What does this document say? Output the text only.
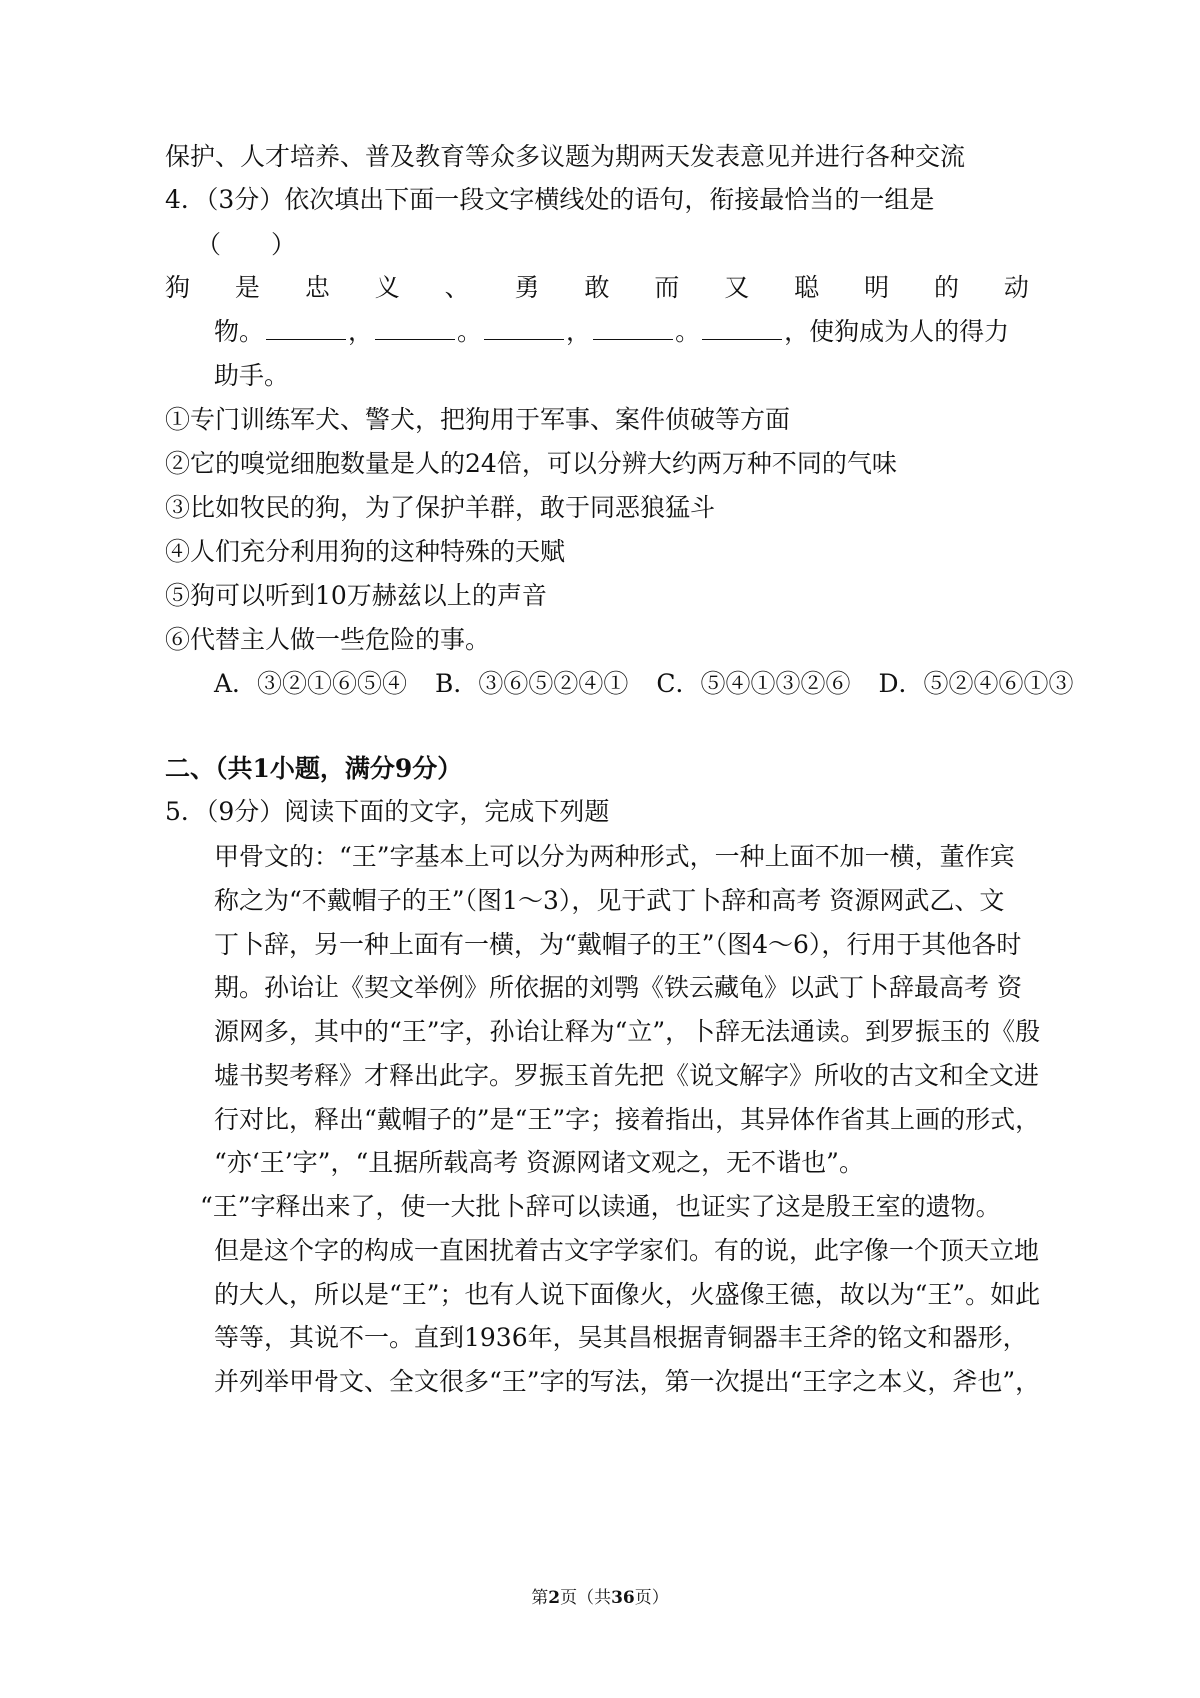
保护、人才培养、普及教育等众多议题为期两天发表意见并进行各种交流
4．（3分）依次填出下面一段文字横线处的语句，衔接最恰当的一组是
（　　）
狗 是 忠 义 、 勇 敢 而 又 聪 明 的 动
物。	，	。	，	。	，使狗成为人的得力
助手。
①专门训练军犬、警犬，把狗用于军事、案件侦破等方面
②它的嗅觉细胞数量是人的24倍，可以分辨大约两万种不同的气味
③比如牧民的狗，为了保护羊群，敢于同恶狼猛斗
④人们充分利用狗的这种特殊的天赋
⑤狗可以听到10万赫兹以上的声音
⑥代替主人做一些危险的事。
A．③②①⑥⑤④ B．③⑥⑤②④① C．⑤④①③②⑥ D．⑤②④⑥①③
二、（共1小题，满分9分）
5．（9分）阅读下面的文字，完成下列题
甲骨文的：“王”字基本上可以分为两种形式，一种上面不加一横，董作宾
称之为“不戴帽子的王”（图1～3），见于武丁卜辞和高考 资源网武乙、文
丁卜辞，另一种上面有一横，为“戴帽子的王”（图4～6），行用于其他各时
期。孙诒让《契文举例》所依据的刘鹗《铁云藏龟》以武丁卜辞最高考 资
源网多，其中的“王”字，孙诒让释为“立”，卜辞无法通读。到罗振玉的《殷
墟书契考释》才释出此字。罗振玉首先把《说文解字》所收的古文和全文进
行对比，释出“戴帽子的”是“王”字；接着指出，其异体作省其上画的形式，
“亦‘王’字”，“且据所载高考 资源网诸文观之，无不谐也”。
“王”字释出来了，使一大批卜辞可以读通，也证实了这是殷王室的遗物。
但是这个字的构成一直困扰着古文字学家们。有的说，此字像一个顶天立地
的大人，所以是“王”；也有人说下面像火，火盛像王德，故以为“王”。如此
等等，其说不一。直到1936年，吴其昌根据青铜器丰王斧的铭文和器形，
并列举甲骨文、全文很多“王”字的写法，第一次提出“王字之本义，斧也”，
第2页（共36页）
